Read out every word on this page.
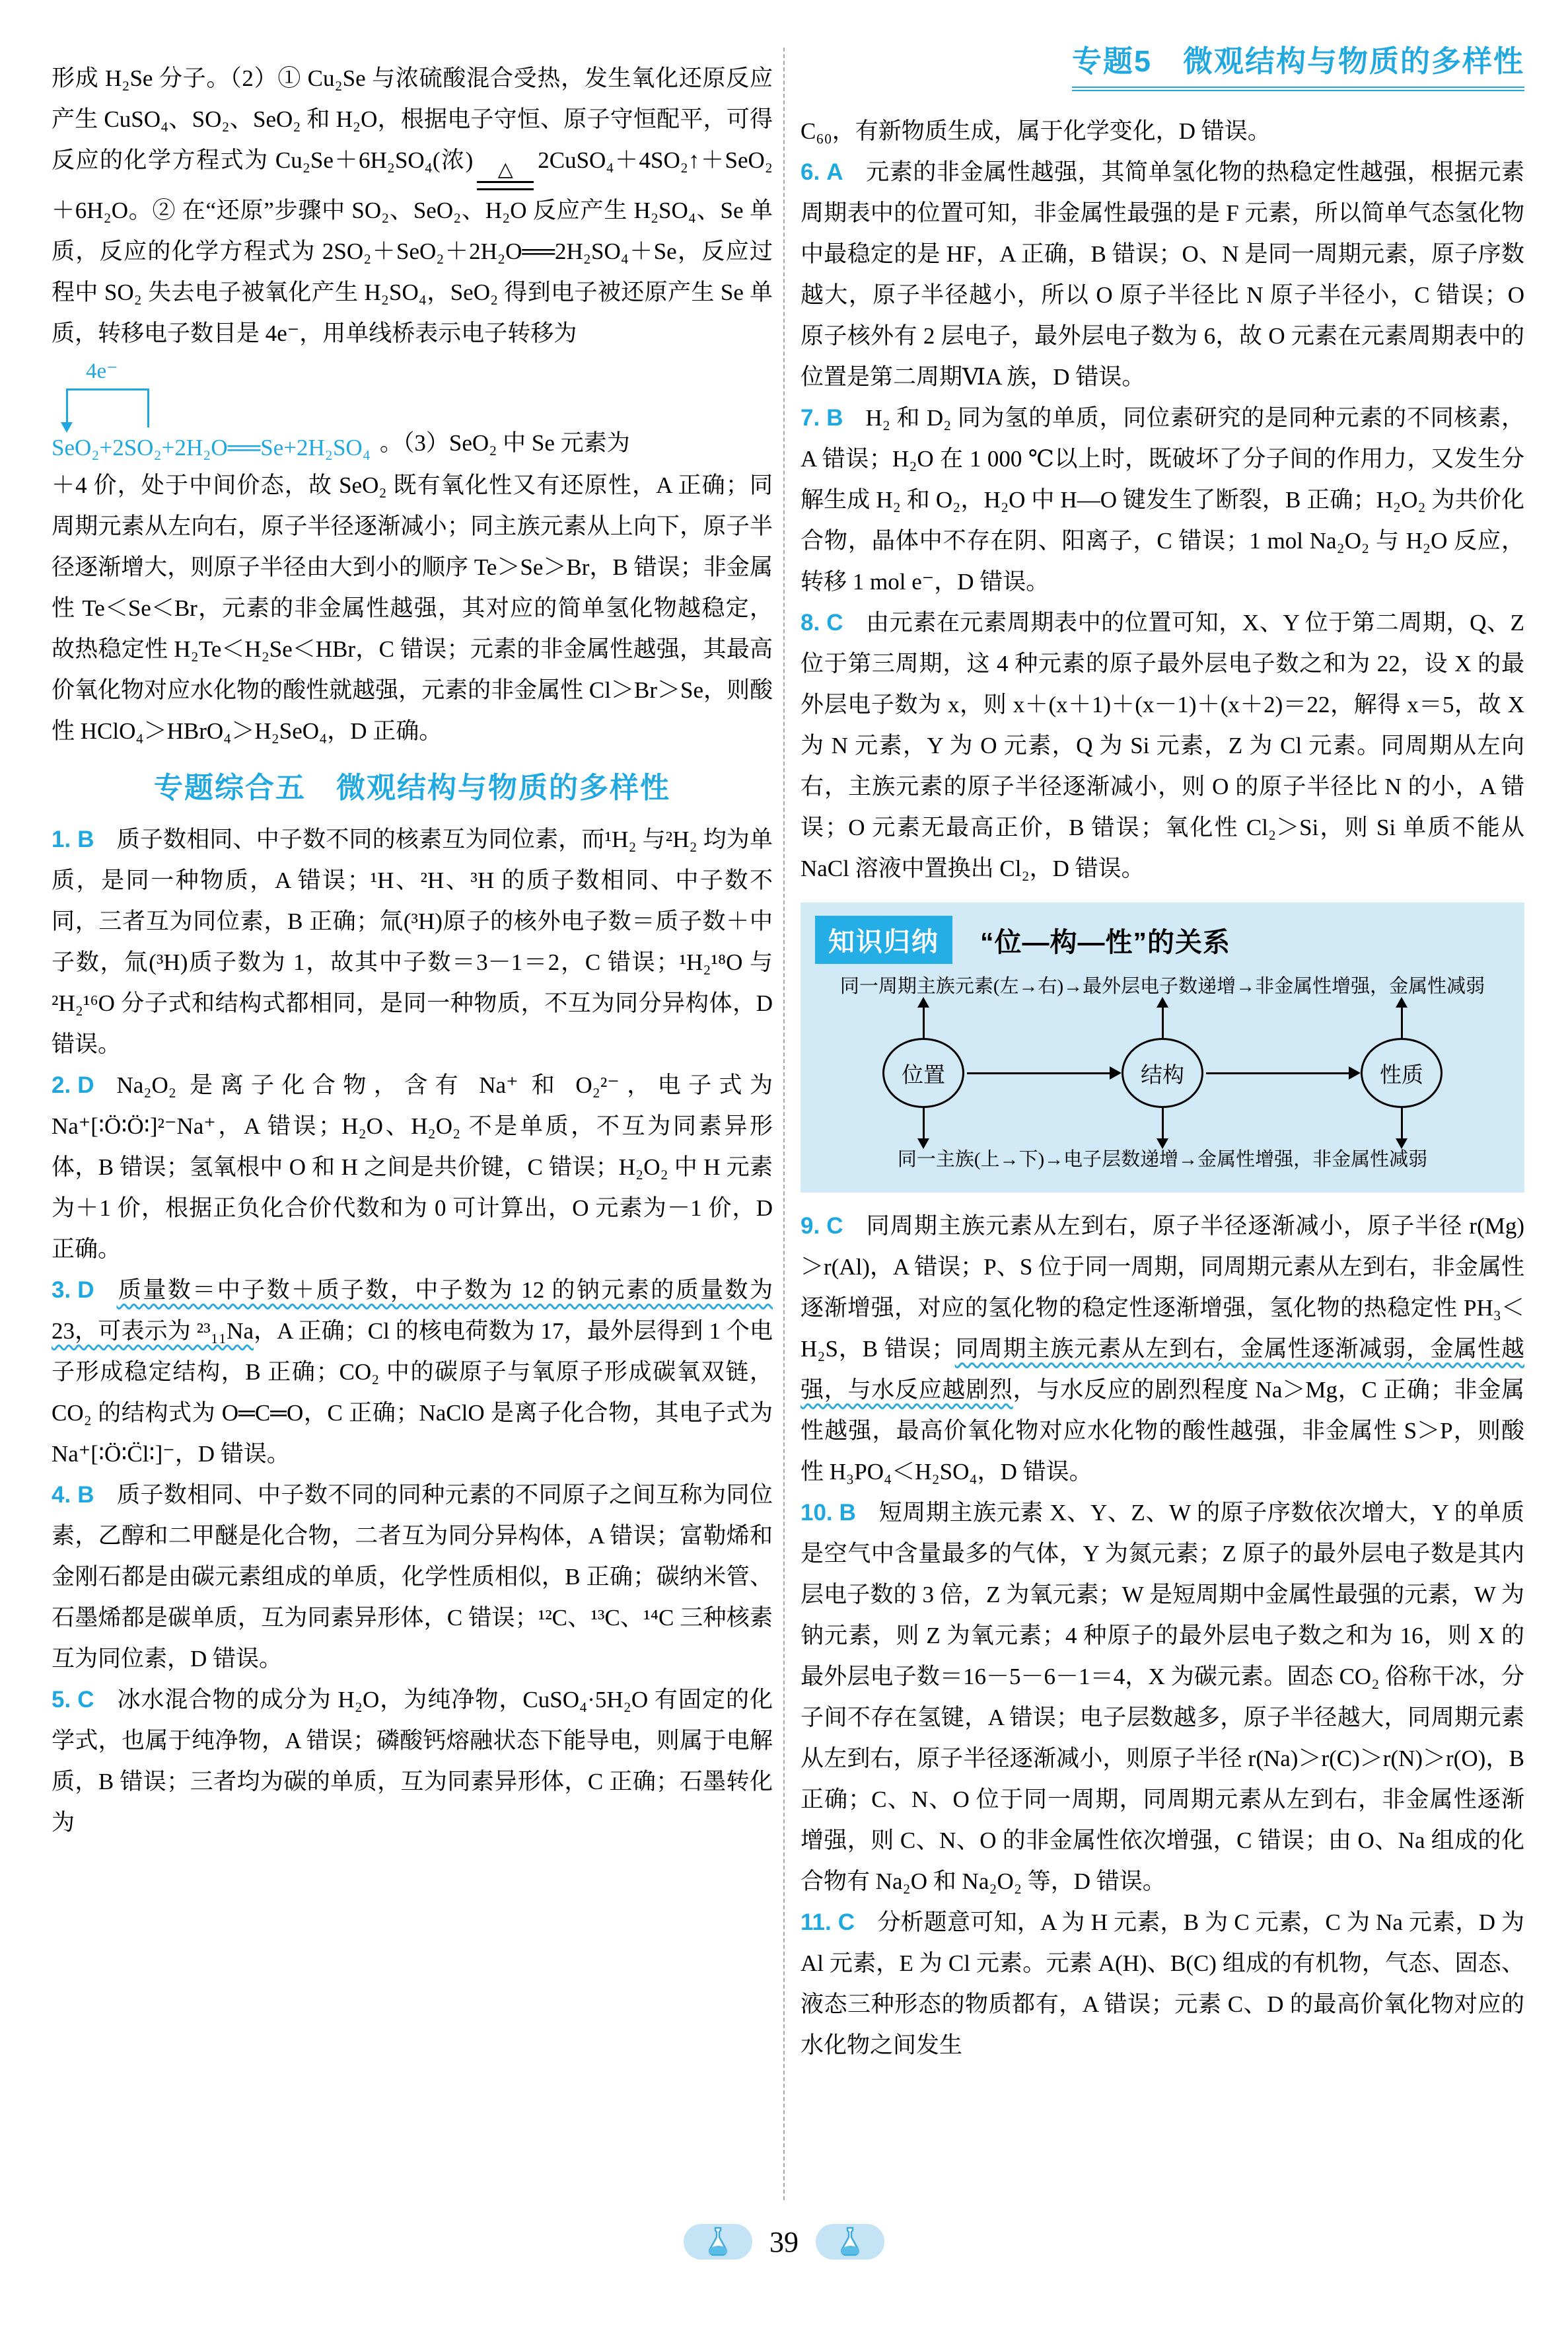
形成 H₂Se 分子。（2）① Cu₂Se 与浓硫酸混合受热，发生氧化还原反应产生 CuSO₄、SO₂、SeO₂ 和 H₂O，根据电子守恒、原子守恒配平，可得反应的化学方程式为 Cu₂Se＋6H₂SO₄(浓) △ 2CuSO₄＋4SO₂↑＋SeO₂＋6H₂O。② 在“还原”步骤中 SO₂、SeO₂、H₂O 反应产生 H₂SO₄、Se 单质，反应的化学方程式为 2SO₂＋SeO₂＋2H₂O══2H₂SO₄＋Se，反应过程中 SO₂ 失去电子被氧化产生 H₂SO₄，SeO₂ 得到电子被还原产生 Se 单质，转移电子数目是 4e⁻，用单线桥表示电子转移为

4e⁻
SeO₂+2SO₂+2H₂O══Se+2H₂SO₄ 。（3）SeO₂ 中 Se 元素为

＋4 价，处于中间价态，故 SeO₂ 既有氧化性又有还原性，A 正确；同周期元素从左向右，原子半径逐渐减小；同主族元素从上向下，原子半径逐渐增大，则原子半径由大到小的顺序 Te＞Se＞Br，B 错误；非金属性 Te＜Se＜Br，元素的非金属性越强，其对应的简单氢化物越稳定，故热稳定性 H₂Te＜H₂Se＜HBr，C 错误；元素的非金属性越强，其最高价氧化物对应水化物的酸性就越强，元素的非金属性 Cl＞Br＞Se，则酸性 HClO₄＞HBrO₄＞H₂SeO₄，D 正确。

专题综合五　微观结构与物质的多样性

1. B 质子数相同、中子数不同的核素互为同位素，而¹H₂ 与²H₂ 均为单质，是同一种物质，A 错误；¹H、²H、³H 的质子数相同、中子数不同，三者互为同位素，B 正确；氚(³H)原子的核外电子数＝质子数＋中子数，氚(³H)质子数为 1，故其中子数＝3－1＝2，C 错误；¹H₂¹⁸O 与²H₂¹⁶O 分子式和结构式都相同，是同一种物质，不互为同分异构体，D 错误。

2. D Na₂O₂ 是离子化合物，含有 Na⁺ 和 O₂²⁻，电子式为 Na⁺[∶Ö∶Ö∶]²⁻Na⁺，A 错误；H₂O、H₂O₂ 不是单质，不互为同素异形体，B 错误；氢氧根中 O 和 H 之间是共价键，C 错误；H₂O₂ 中 H 元素为＋1 价，根据正负化合价代数和为 0 可计算出，O 元素为－1 价，D 正确。

3. D 质量数＝中子数＋质子数，中子数为 12 的钠元素的质量数为 23，可表示为 ²³₁₁Na，A 正确；Cl 的核电荷数为 17，最外层得到 1 个电子形成稳定结构，B 正确；CO₂ 中的碳原子与氧原子形成碳氧双链，CO₂ 的结构式为 O═C═O，C 正确；NaClO 是离子化合物，其电子式为 Na⁺[∶Ö∶C̈l∶]⁻，D 错误。

4. B 质子数相同、中子数不同的同种元素的不同原子之间互称为同位素，乙醇和二甲醚是化合物，二者互为同分异构体，A 错误；富勒烯和金刚石都是由碳元素组成的单质，化学性质相似，B 正确；碳纳米管、石墨烯都是碳单质，互为同素异形体，C 错误；¹²C、¹³C、¹⁴C 三种核素互为同位素，D 错误。

5. C 冰水混合物的成分为 H₂O，为纯净物，CuSO₄·5H₂O 有固定的化学式，也属于纯净物，A 错误；磷酸钙熔融状态下能导电，则属于电解质，B 错误；三者均为碳的单质，互为同素异形体，C 正确；石墨转化为

专题5　微观结构与物质的多样性

C₆₀，有新物质生成，属于化学变化，D 错误。

6. A 元素的非金属性越强，其简单氢化物的热稳定性越强，根据元素周期表中的位置可知，非金属性最强的是 F 元素，所以简单气态氢化物中最稳定的是 HF，A 正确，B 错误；O、N 是同一周期元素，原子序数越大，原子半径越小，所以 O 原子半径比 N 原子半径小，C 错误；O 原子核外有 2 层电子，最外层电子数为 6，故 O 元素在元素周期表中的位置是第二周期ⅥA 族，D 错误。

7. B H₂ 和 D₂ 同为氢的单质，同位素研究的是同种元素的不同核素，A 错误；H₂O 在 1 000 ℃以上时，既破坏了分子间的作用力，又发生分解生成 H₂ 和 O₂，H₂O 中 H—O 键发生了断裂，B 正确；H₂O₂ 为共价化合物，晶体中不存在阴、阳离子，C 错误；1 mol Na₂O₂ 与 H₂O 反应，转移 1 mol e⁻，D 错误。

8. C 由元素在元素周期表中的位置可知，X、Y 位于第二周期，Q、Z 位于第三周期，这 4 种元素的原子最外层电子数之和为 22，设 X 的最外层电子数为 x，则 x＋(x＋1)＋(x－1)＋(x＋2)＝22，解得 x＝5，故 X 为 N 元素，Y 为 O 元素，Q 为 Si 元素，Z 为 Cl 元素。同周期从左向右，主族元素的原子半径逐渐减小，则 O 的原子半径比 N 的小，A 错误；O 元素无最高正价，B 错误；氧化性 Cl₂＞Si，则 Si 单质不能从 NaCl 溶液中置换出 Cl₂，D 错误。

知识归纳	“位—构—性”的关系
同一周期主族元素(左→右)→最外层电子数递增→非金属性增强，金属性减弱
位置	结构	性质
同一主族(上→下)→电子层数递增→金属性增强，非金属性减弱

9. C 同周期主族元素从左到右，原子半径逐渐减小，原子半径 r(Mg)＞r(Al)，A 错误；P、S 位于同一周期，同周期元素从左到右，非金属性逐渐增强，对应的氢化物的稳定性逐渐增强，氢化物的热稳定性 PH₃＜H₂S，B 错误；同周期主族元素从左到右，金属性逐渐减弱，金属性越强，与水反应越剧烈，与水反应的剧烈程度 Na＞Mg，C 正确；非金属性越强，最高价氧化物对应水化物的酸性越强，非金属性 S＞P，则酸性 H₃PO₄＜H₂SO₄，D 错误。

10. B 短周期主族元素 X、Y、Z、W 的原子序数依次增大，Y 的单质是空气中含量最多的气体，Y 为氮元素；Z 原子的最外层电子数是其内层电子数的 3 倍，Z 为氧元素；W 是短周期中金属性最强的元素，W 为钠元素，则 Z 为氧元素；4 种原子的最外层电子数之和为 16，则 X 的最外层电子数＝16－5－6－1＝4，X 为碳元素。固态 CO₂ 俗称干冰，分子间不存在氢键，A 错误；电子层数越多，原子半径越大，同周期元素从左到右，原子半径逐渐减小，则原子半径 r(Na)＞r(C)＞r(N)＞r(O)，B 正确；C、N、O 位于同一周期，同周期元素从左到右，非金属性逐渐增强，则 C、N、O 的非金属性依次增强，C 错误；由 O、Na 组成的化合物有 Na₂O 和 Na₂O₂ 等，D 错误。

11. C 分析题意可知，A 为 H 元素，B 为 C 元素，C 为 Na 元素，D 为 Al 元素，E 为 Cl 元素。元素 A(H)、B(C) 组成的有机物，气态、固态、液态三种形态的物质都有，A 错误；元素 C、D 的最高价氧化物对应的水化物之间发生

39
